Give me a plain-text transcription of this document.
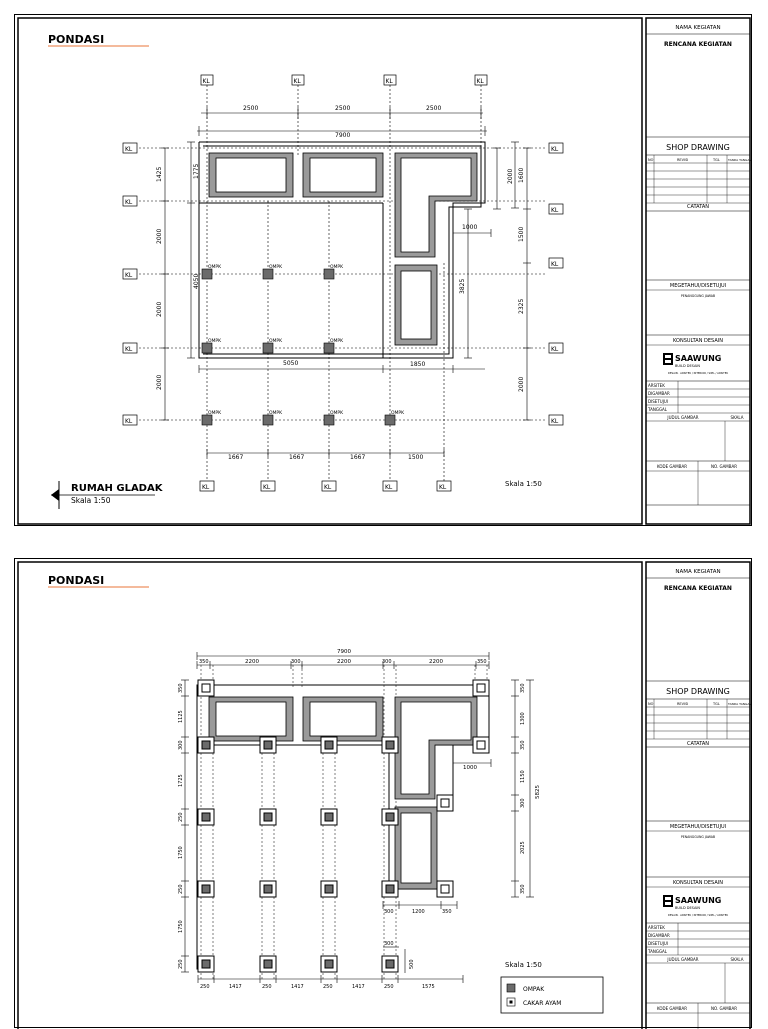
PONDASI
KL	KL	KL	KL
2500	2500	2500
7900
KL
KL
KL
KL
KL
KL
KL
KL
KL
KL
OMPK	OMPK	OMPK
OMPK	OMPK	OMPK
OMPK	OMPK	OMPK	OMPK
1425
2000
2000
2000
1775
4050
2000 1600
1500
2325
2000
3825
1000
5050	1850
1667	1667	1667	1500
KL	KL	KL	KL	KL
RUMAH GLADAK
Skala 1:50
Skala 1:50
NAMA KEGIATAN
RENCANA KEGIATAN
SHOP DRAWING
NO	REVISI	TGL	TANDA TANGAN
CATATAN
MEGETAHUI/DISETUJUI
PENANGGUNG JAWAB
KONSULTAN DESAIN
SAAWUNG
BUILD DESAIN
DESAIN · ARSITEK / INTERIOR / SIPIL / ARSITEK
ARSITEK
DIGAMBAR
DISETUJUI
TANGGAL
JUDUL GAMBAR	SKALA
KODE GAMBAR	NO. GAMBAR
PONDASI
7900
350	2200	300	2200	300	2200	350
350
1125
300
1725
250
1750
250
1750
250
350
1300
350
1150
300
2025
350
5825
1000
300	1200	350
300
500
250	1417	250	1417	250	1417	250	1575
Skala 1:50
OMPAK
CAKAR AYAM
NAMA KEGIATAN
RENCANA KEGIATAN
SHOP DRAWING
NO	REVISI	TGL	TANDA TANGAN
CATATAN
MEGETAHUI/DISETUJUI
PENANGGUNG JAWAB
KONSULTAN DESAIN
SAAWUNG
BUILD DESAIN
DESAIN · ARSITEK / INTERIOR / SIPIL / ARSITEK
ARSITEK
DIGAMBAR
DISETUJUI
TANGGAL
JUDUL GAMBAR	SKALA
KODE GAMBAR	NO. GAMBAR
